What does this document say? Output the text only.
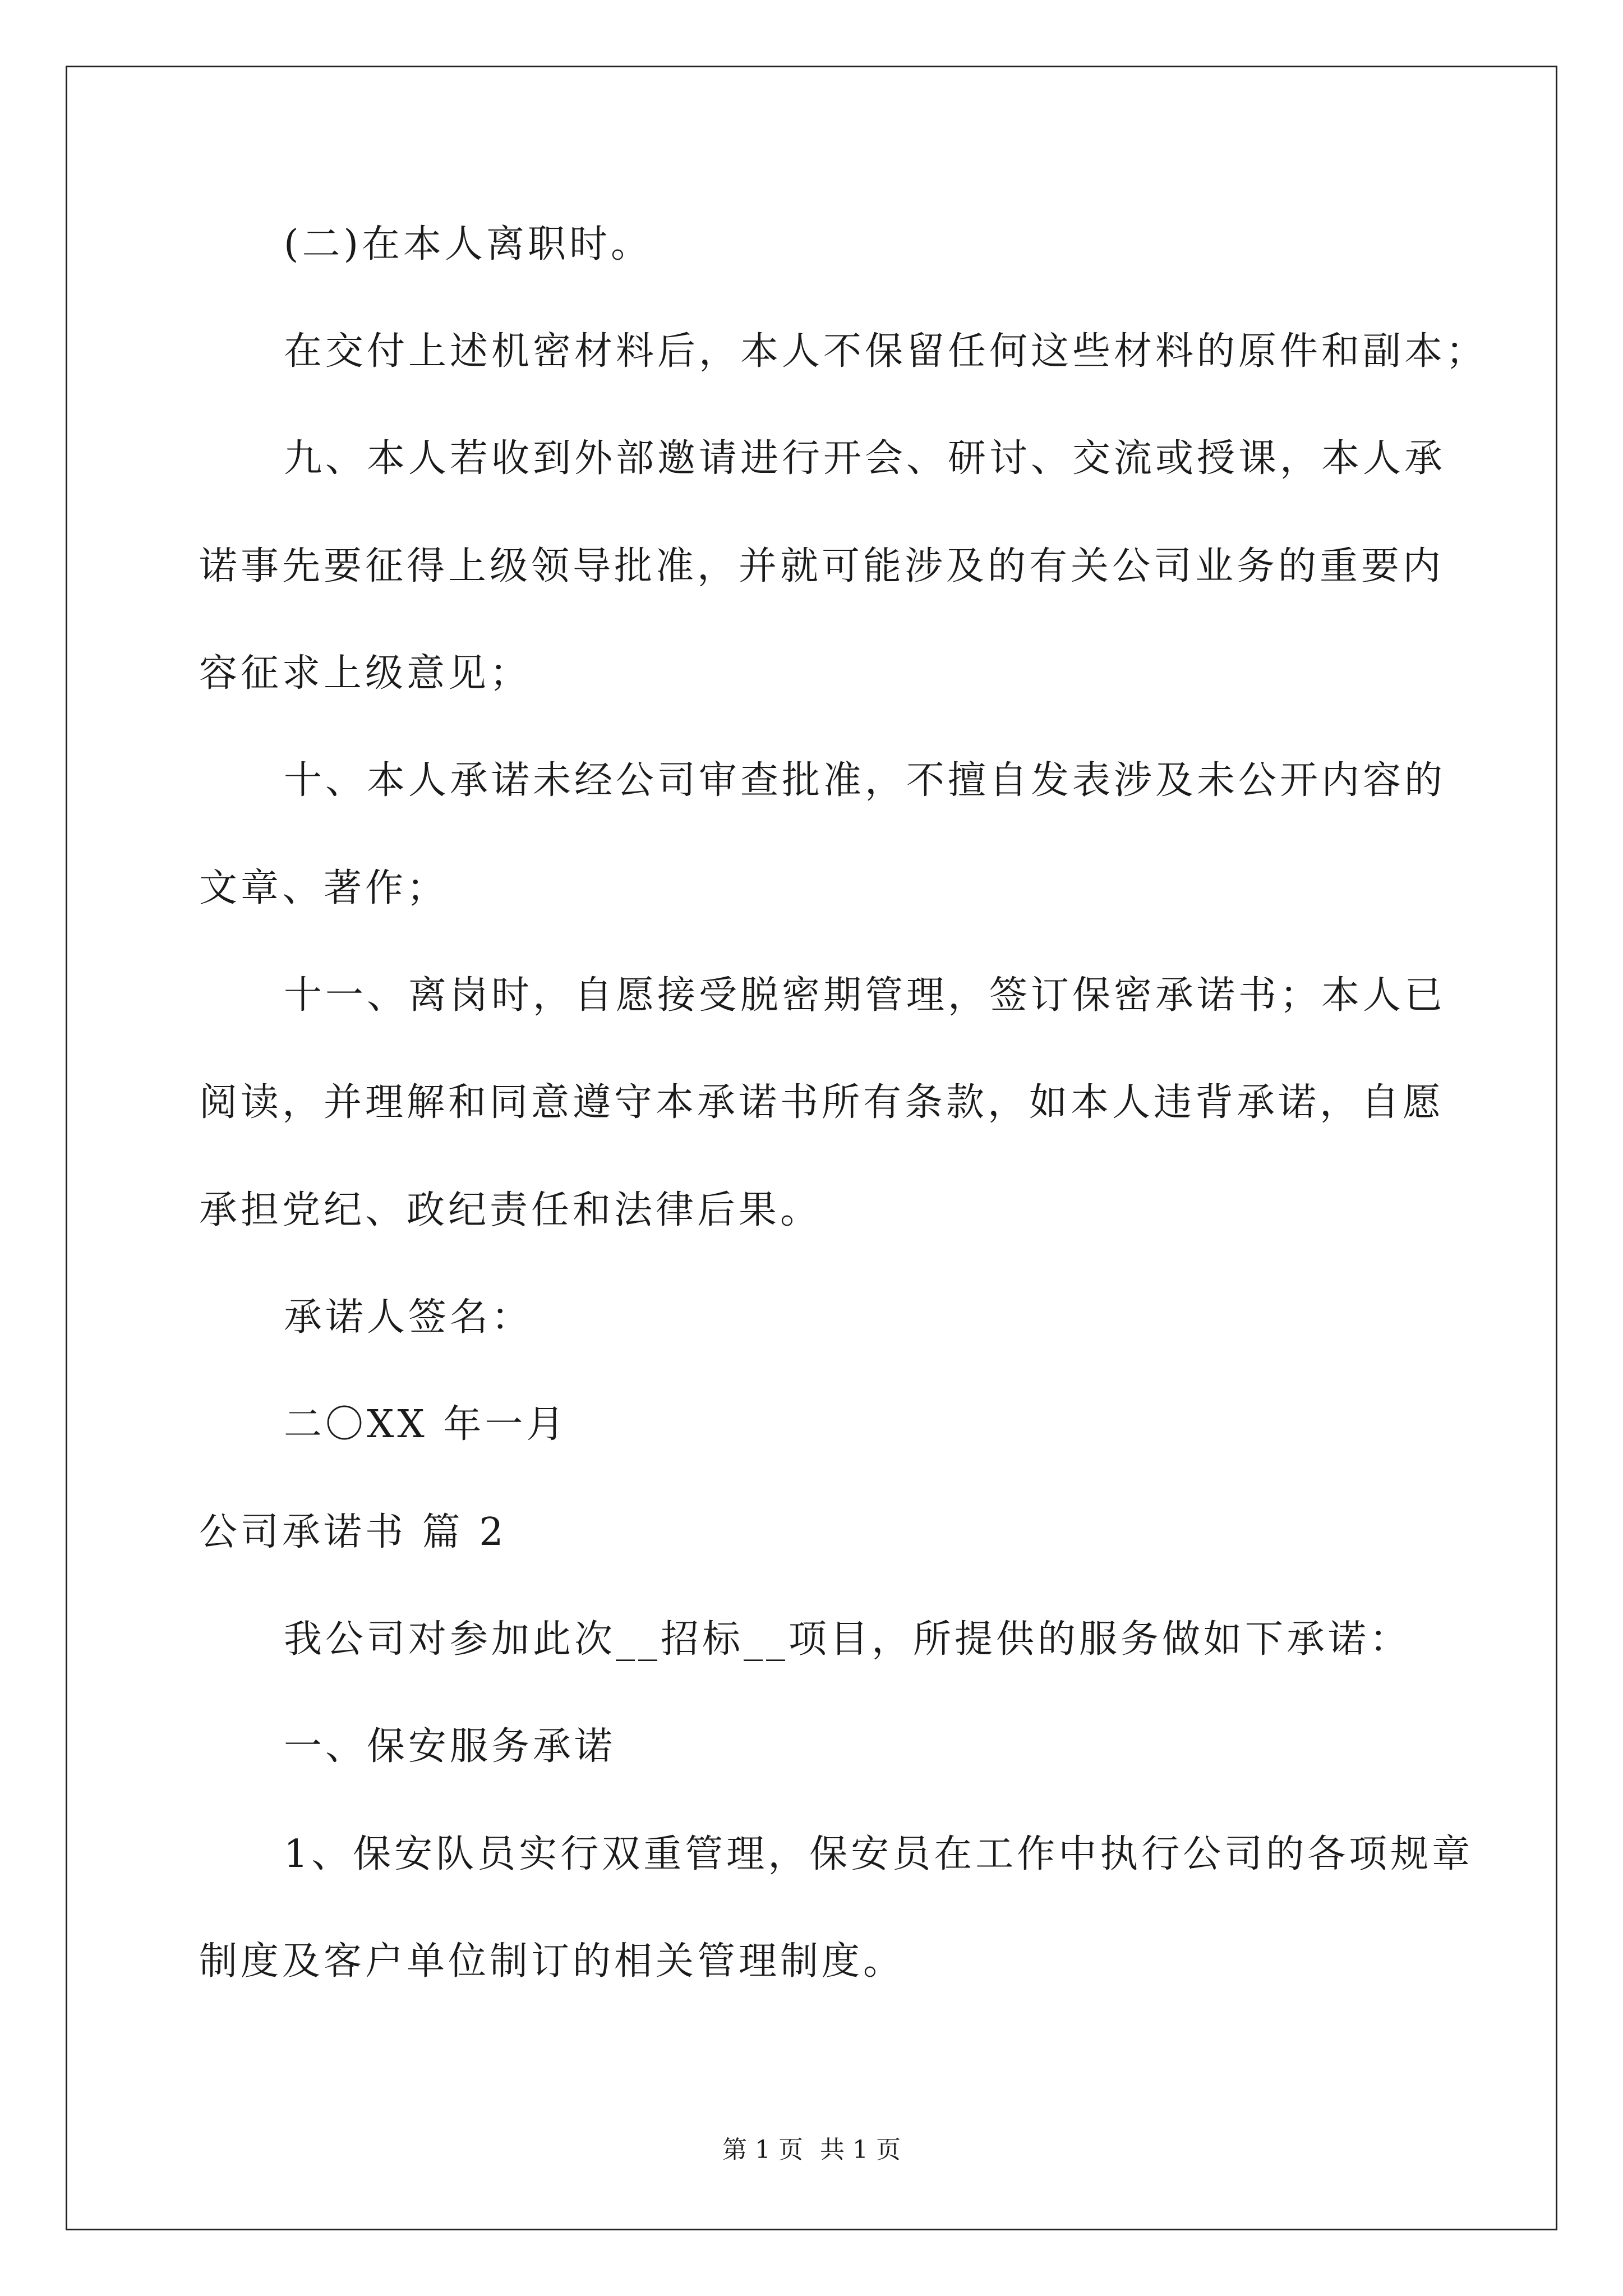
(二)在本人离职时。
在交付上述机密材料后，本人不保留任何这些材料的原件和副本；
九、本人若收到外部邀请进行开会、研讨、交流或授课，本人承
诺事先要征得上级领导批准，并就可能涉及的有关公司业务的重要内
容征求上级意见；
十、本人承诺未经公司审查批准，不擅自发表涉及未公开内容的
文章、著作；
十一、离岗时，自愿接受脱密期管理，签订保密承诺书；本人已
阅读，并理解和同意遵守本承诺书所有条款，如本人违背承诺，自愿
承担党纪、政纪责任和法律后果。
承诺人签名：
二〇XX 年一月
公司承诺书 篇 2
我公司对参加此次__招标__项目，所提供的服务做如下承诺：
一、保安服务承诺
1、保安队员实行双重管理，保安员在工作中执行公司的各项规章
制度及客户单位制订的相关管理制度。
第 1 页 共 1 页
